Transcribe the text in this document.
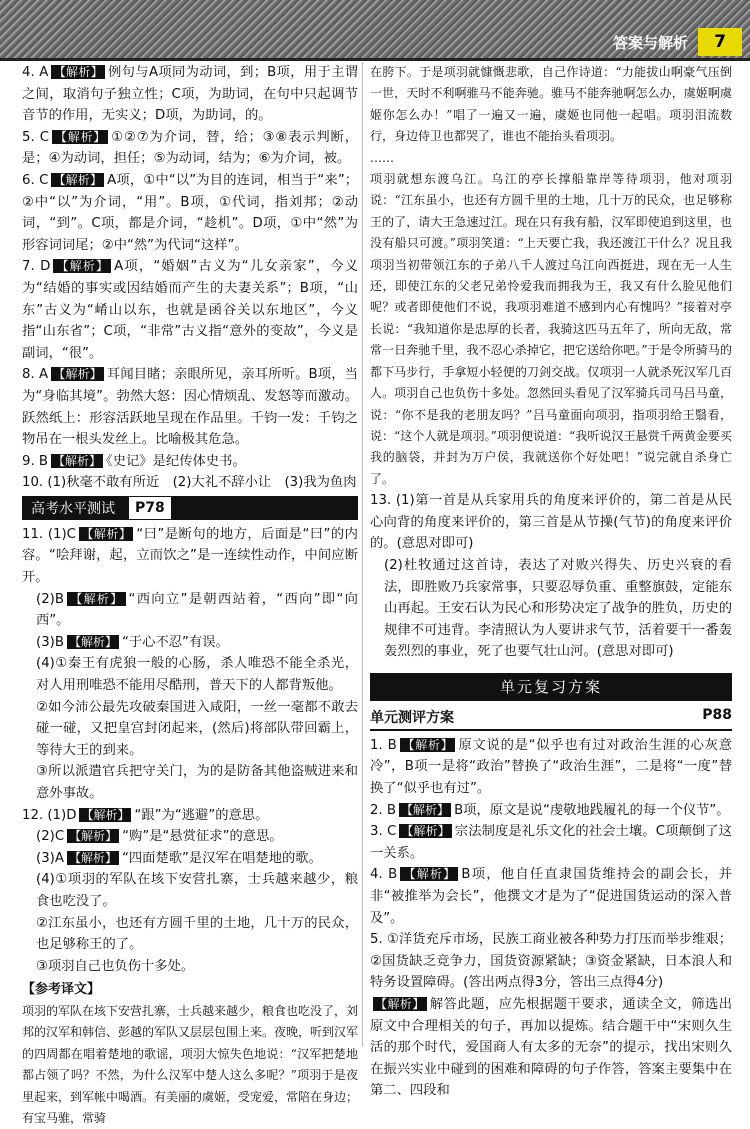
答案与解析	7

4. A 【解析】 例句与A项同为动词，到；B项，用于主谓之间，取消句子独立性；C项，为助词，在句中只起调节音节的作用，无实义；D项，为助词，的。

5. C 【解析】 ①②⑦为介词，替，给；③⑧表示判断，是；④为动词，担任；⑤为动词，结为；⑥为介词，被。

6. C 【解析】 A项，①中“以”为目的连词，相当于“来”；②中“以”为介词，“用”。B项，①代词，指刘邦；②动词，“到”。C项，都是介词，“趁机”。D项，①中“然”为形容词词尾；②中“然”为代词“这样”。

7. D 【解析】 A项，“婚姻”古义为“儿女亲家”，今义为“结婚的事实或因结婚而产生的夫妻关系”；B项，“山东”古义为“崤山以东，也就是函谷关以东地区”，今义指“山东省”；C项，“非常”古义指“意外的变故”，今义是副词，“很”。

8. A 【解析】 耳闻目睹；亲眼所见，亲耳所听。B项，当为“身临其境”。勃然大怒：因心情烦乱、发怒等而激动。跃然纸上：形容活跃地呈现在作品里。千钧一发：千钧之物吊在一根头发丝上。比喻极其危急。

9. B 【解析】 《史记》是纪传体史书。

10. (1)秋毫不敢有所近　(2)大礼不辞小让　(3)我为鱼肉

高考水平测试	P78

11. (1)C 【解析】 “曰”是断句的地方，后面是“曰”的内容。“哙拜谢，起，立而饮之”是一连续性动作，中间应断开。

(2)B 【解析】 “西向立”是朝西站着，“西向”即“向西”。

(3)B 【解析】 “于心不忍”有误。

(4)①秦王有虎狼一般的心肠，杀人唯恐不能全杀光，对人用刑唯恐不能用尽酷刑，普天下的人都背叛他。

②如今沛公最先攻破秦国进入咸阳，一丝一毫都不敢去碰一碰，又把皇宫封闭起来，(然后)将部队带回霸上，等待大王的到来。

③所以派遣官兵把守关门，为的是防备其他盗贼进来和意外事故。

12. (1)D 【解析】 “跟”为“逃避”的意思。

(2)C 【解析】 “购”是“悬赏征求”的意思。

(3)A 【解析】 “四面楚歌”是汉军在唱楚地的歌。

(4)①项羽的军队在垓下安营扎寨，士兵越来越少，粮食也吃没了。

②江东虽小，也还有方圆千里的土地，几十万的民众，也足够称王的了。

③项羽自己也负伤十多处。

【参考译文】

项羽的军队在垓下安营扎寨，士兵越来越少，粮食也吃没了，刘邦的汉军和韩信、彭越的军队又层层包围上来。夜晚，听到汉军的四周都在唱着楚地的歌谣，项羽大惊失色地说：“汉军把楚地都占领了吗？不然，为什么汉军中楚人这么多呢？”项羽于是夜里起来，到军帐中喝酒。有美丽的虞姬，受宠爱，常陪在身边；有宝马骓，常骑

在胯下。于是项羽就慷慨悲歌，自己作诗道：“力能拔山啊豪气压倒一世，天时不利啊骓马不能奔驰。骓马不能奔驰啊怎么办，虞姬啊虞姬你怎么办！”唱了一遍又一遍，虞姬也同他一起唱。项羽泪流数行，身边侍卫也都哭了，谁也不能抬头看项羽。

……

项羽就想东渡乌江。乌江的亭长撑船靠岸等待项羽，他对项羽说：“江东虽小，也还有方圆千里的土地，几十万的民众，也足够称王的了，请大王急速过江。现在只有我有船，汉军即使追到这里，也没有船只可渡。”项羽笑道：“上天要亡我，我还渡江干什么？况且我项羽当初带领江东的子弟八千人渡过乌江向西挺进，现在无一人生还，即使江东的父老兄弟怜爱我而拥我为王，我又有什么脸见他们呢？或者即使他们不说，我项羽难道不感到内心有愧吗？”接着对亭长说：“我知道你是忠厚的长者，我骑这匹马五年了，所向无敌，常常一日奔驰千里，我不忍心杀掉它，把它送给你吧。”于是令所骑马的都下马步行，手拿短小轻便的刀剑交战。仅项羽一人就杀死汉军几百人。项羽自己也负伤十多处。忽然回头看见了汉军骑兵司马吕马童，说：“你不是我的老朋友吗？”吕马童面向项羽，指项羽给王翳看，说：“这个人就是项羽。”项羽便说道：“我听说汉王悬赏千两黄金要买我的脑袋，并封为万户侯，我就送你个好处吧！”说完就自杀身亡了。

13. (1)第一首是从兵家用兵的角度来评价的，第二首是从民心向背的角度来评价的，第三首是从节操(气节)的角度来评价的。(意思对即可)

(2)杜牧通过这首诗，表达了对败兴得失、历史兴衰的看法，即胜败乃兵家常事，只要忍辱负重、重整旗鼓，定能东山再起。王安石认为民心和形势决定了战争的胜负，历史的规律不可违背。李清照认为人要讲求气节，活着要干一番轰轰烈烈的事业，死了也要气壮山河。(意思对即可)

单元复习方案
单元测评方案	P88

1. B 【解析】 原文说的是“似乎也有过对政治生涯的心灰意冷”，B项一是将“政治”替换了“政治生涯”，二是将“一度”替换了“似乎也有过”。

2. B 【解析】 B项，原文是说“虔敬地践履礼的每一个仪节”。

3. C 【解析】 宗法制度是礼乐文化的社会土壤。C项颠倒了这一关系。

4. B 【解析】 B项，他自任直隶国货维持会的副会长，并非“被推举为会长”，他撰文才是为了“促进国货运动的深入普及”。

5. ①洋货充斥市场，民族工商业被各种势力打压而举步维艰；②国货缺乏竞争力，国货资源紧缺；③资金紧缺，日本浪人和特务设置障碍。(答出两点得3分，答出三点得4分)

【解析】 解答此题，应先根据题干要求，通读全文，筛选出原文中合理相关的句子，再加以提炼。结合题干中“宋则久生活的那个时代，爱国商人有太多的无奈”的提示，找出宋则久在振兴实业中碰到的困难和障碍的句子作答，答案主要集中在第二、四段和
